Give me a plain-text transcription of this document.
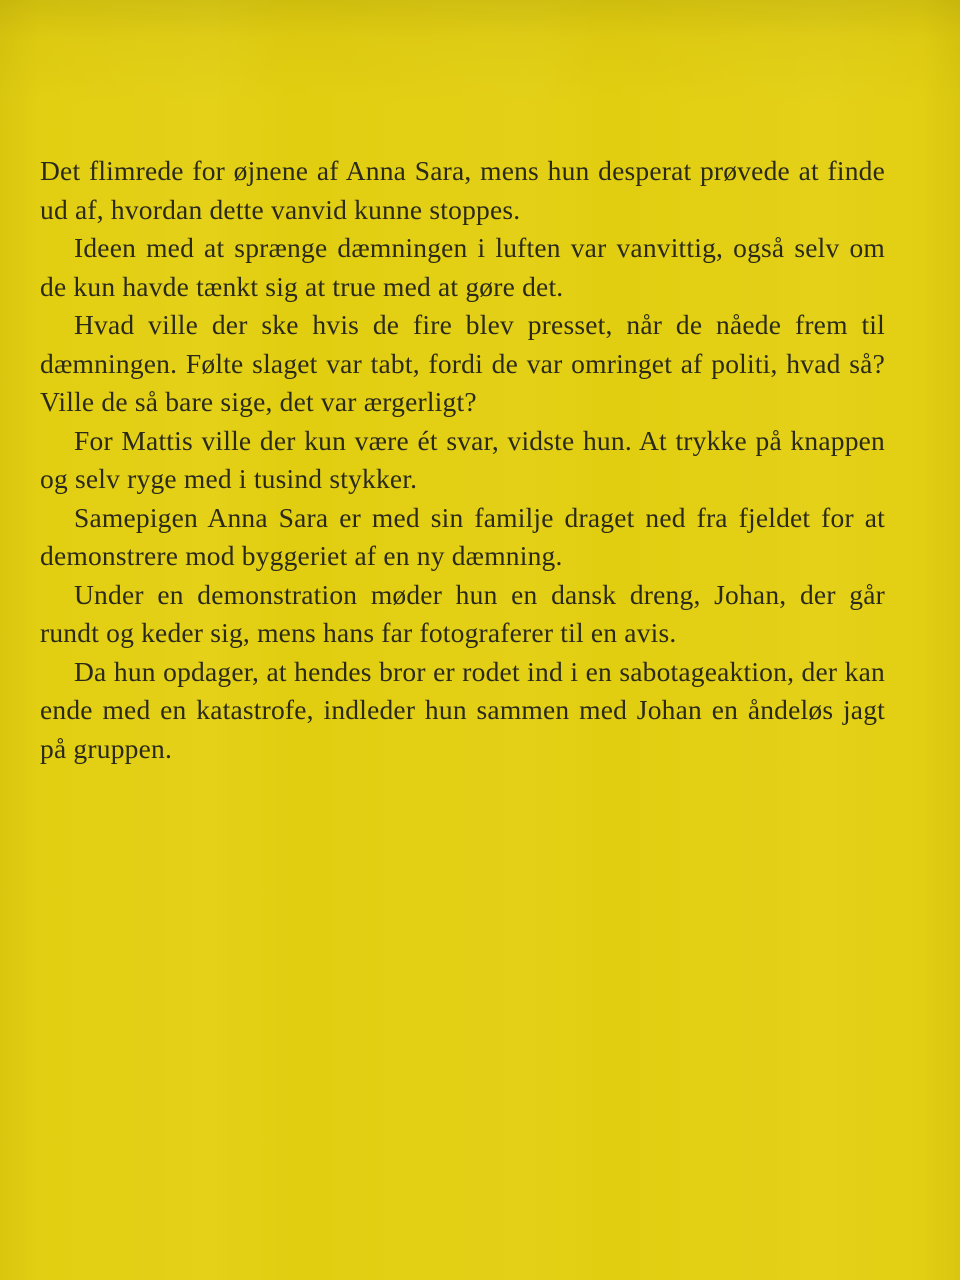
Det flimrede for øjnene af Anna Sara, mens hun desperat prøvede at finde ud af, hvordan dette vanvid kunne stoppes.

Ideen med at sprænge dæmningen i luften var vanvittig, også selv om de kun havde tænkt sig at true med at gøre det.

Hvad ville der ske hvis de fire blev presset, når de nåede frem til dæmningen. Følte slaget var tabt, fordi de var omringet af politi, hvad så? Ville de så bare sige, det var ærgerligt?

For Mattis ville der kun være ét svar, vidste hun. At trykke på knappen og selv ryge med i tusind stykker.

Samepigen Anna Sara er med sin familje draget ned fra fjeldet for at demonstrere mod byggeriet af en ny dæmning.

Under en demonstration møder hun en dansk dreng, Johan, der går rundt og keder sig, mens hans far fotograferer til en avis.

Da hun opdager, at hendes bror er rodet ind i en sabotageaktion, der kan ende med en katastrofe, indleder hun sammen med Johan en åndeløs jagt på gruppen.
